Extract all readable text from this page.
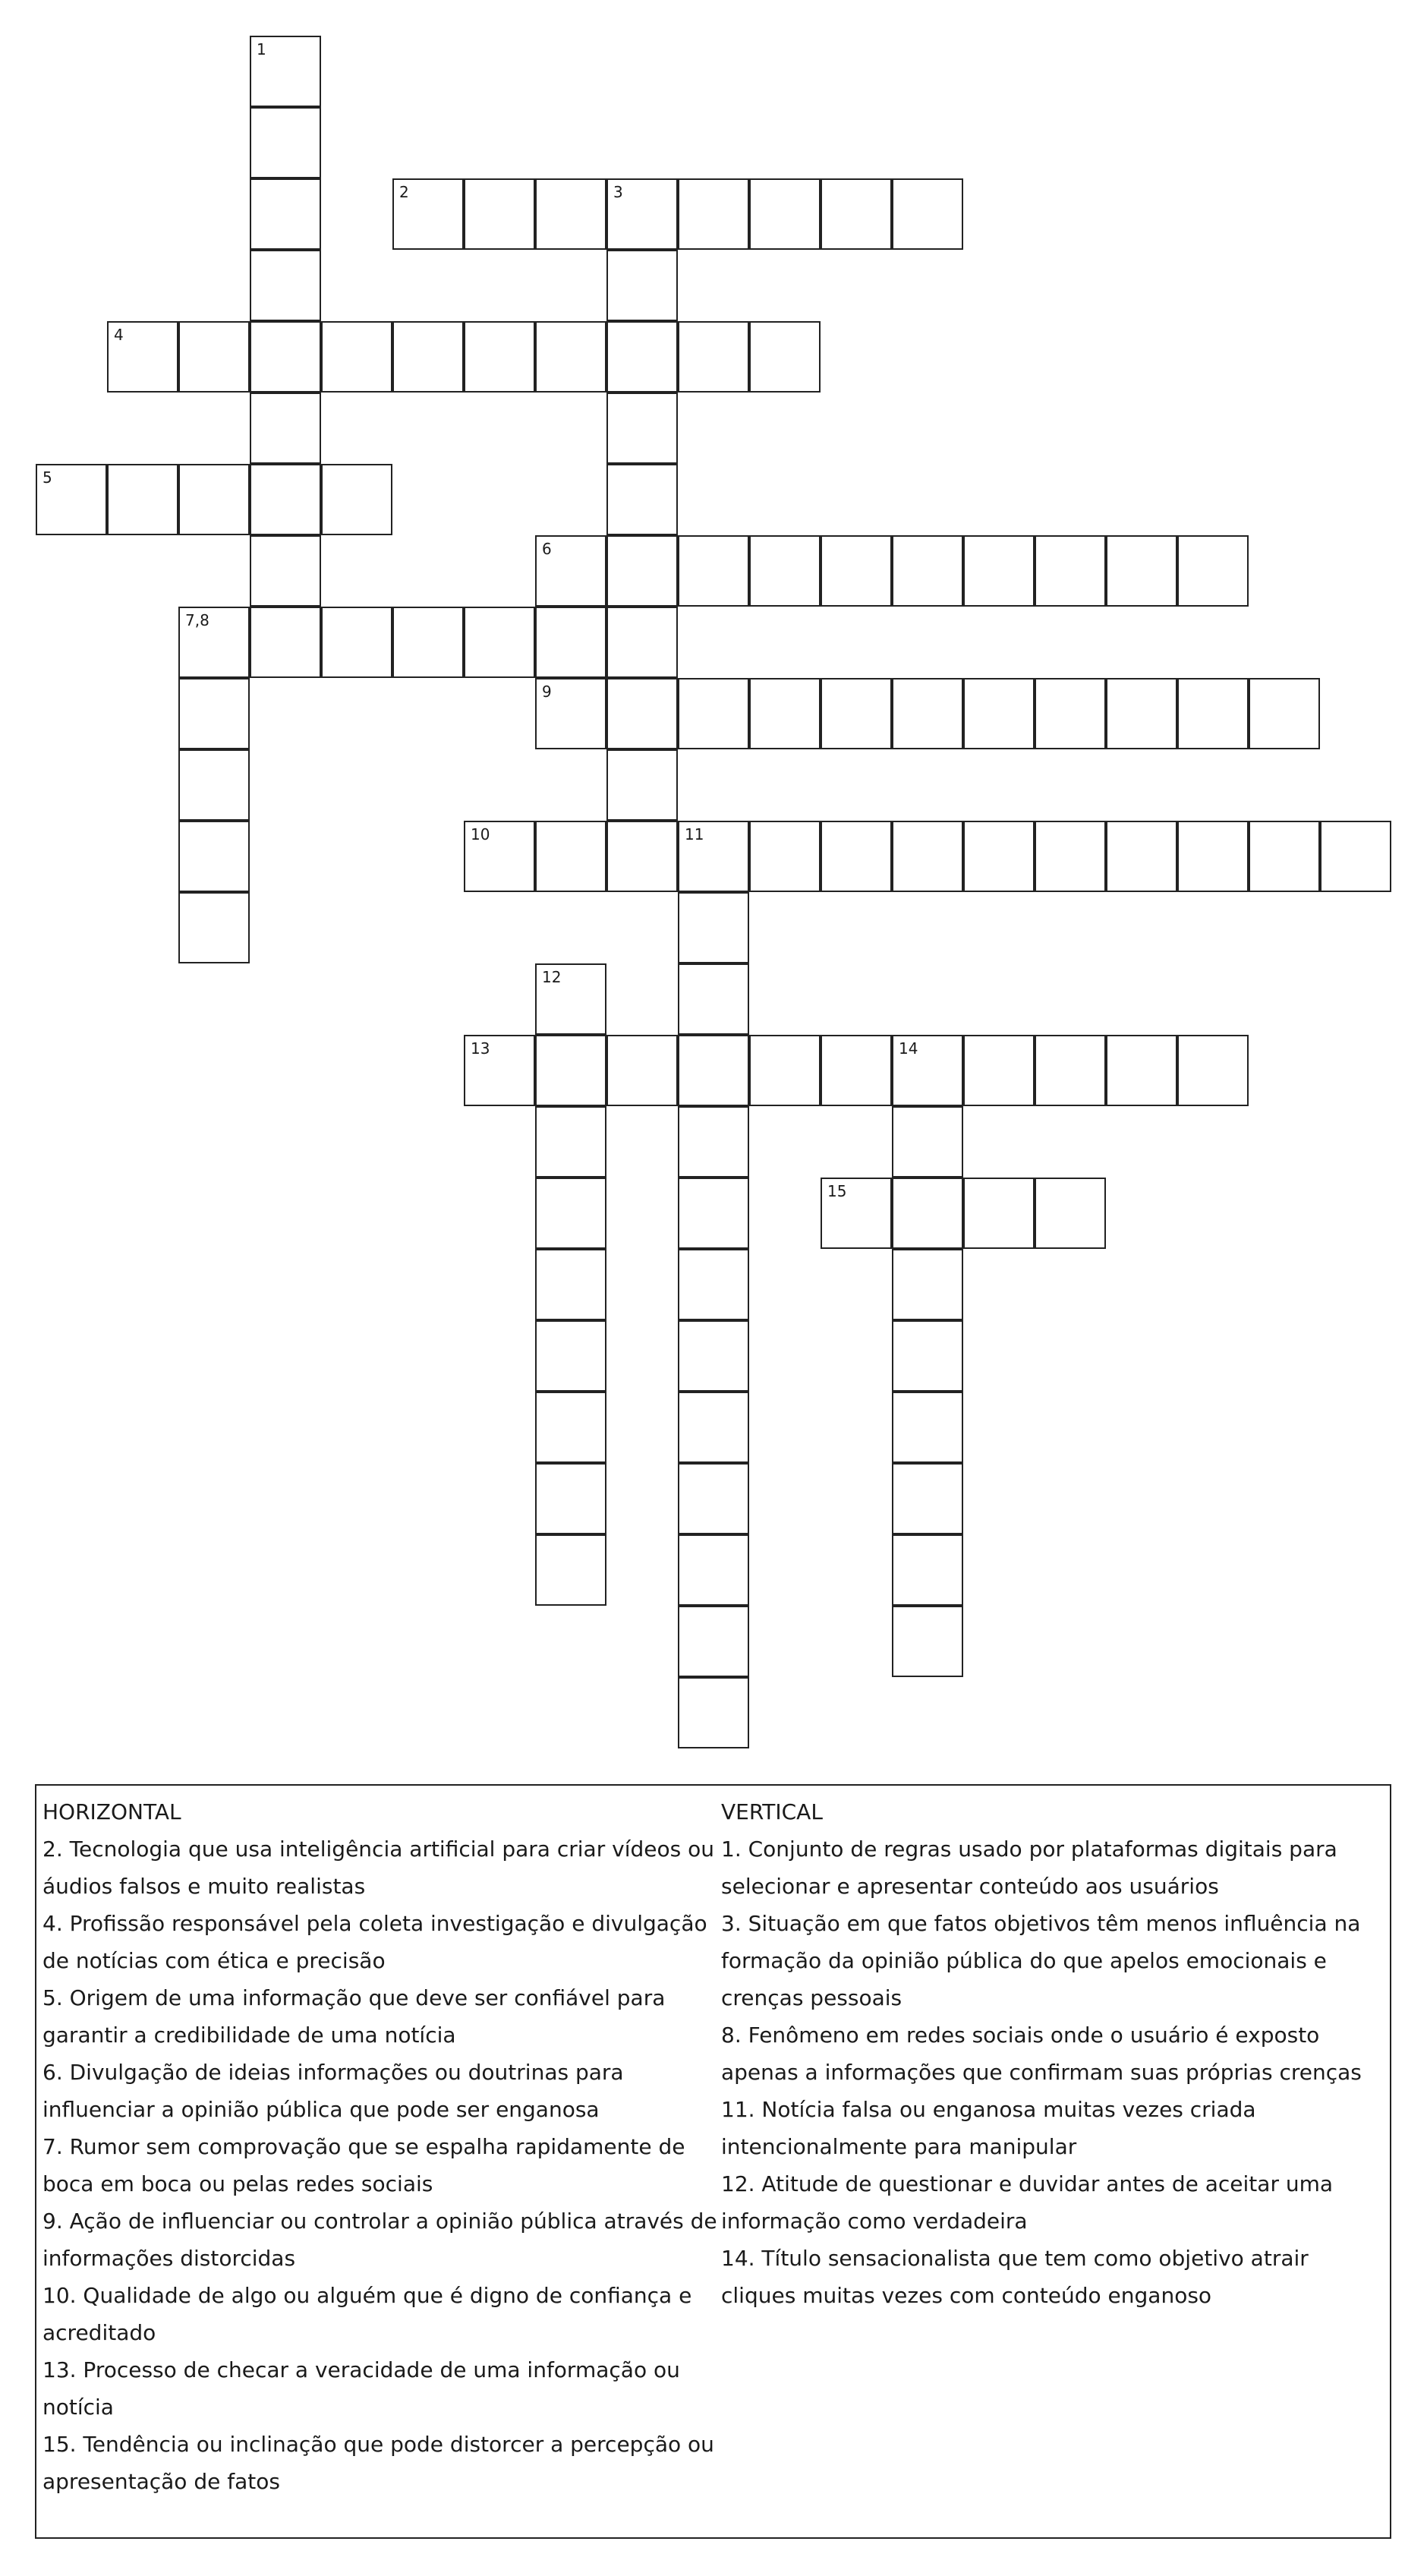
1
2	3
4
5
6
7,8
9
10	11
12
13	14
15

HORIZONTAL

2. Tecnologia que usa inteligência artificial para criar vídeos ou áudios falsos e muito realistas

4. Profissão responsável pela coleta investigação e divulgação de notícias com ética e precisão

5. Origem de uma informação que deve ser confiável para garantir a credibilidade de uma notícia

6. Divulgação de ideias informações ou doutrinas para influenciar a opinião pública que pode ser enganosa

7. Rumor sem comprovação que se espalha rapidamente de boca em boca ou pelas redes sociais

9. Ação de influenciar ou controlar a opinião pública através de informações distorcidas

10. Qualidade de algo ou alguém que é digno de confiança e acreditado

13. Processo de checar a veracidade de uma informação ou notícia

15. Tendência ou inclinação que pode distorcer a percepção ou apresentação de fatos

VERTICAL

1. Conjunto de regras usado por plataformas digitais para selecionar e apresentar conteúdo aos usuários

3. Situação em que fatos objetivos têm menos influência na formação da opinião pública do que apelos emocionais e crenças pessoais

8. Fenômeno em redes sociais onde o usuário é exposto apenas a informações que confirmam suas próprias crenças

11. Notícia falsa ou enganosa muitas vezes criada intencionalmente para manipular

12. Atitude de questionar e duvidar antes de aceitar uma informação como verdadeira

14. Título sensacionalista que tem como objetivo atrair cliques muitas vezes com conteúdo enganoso
